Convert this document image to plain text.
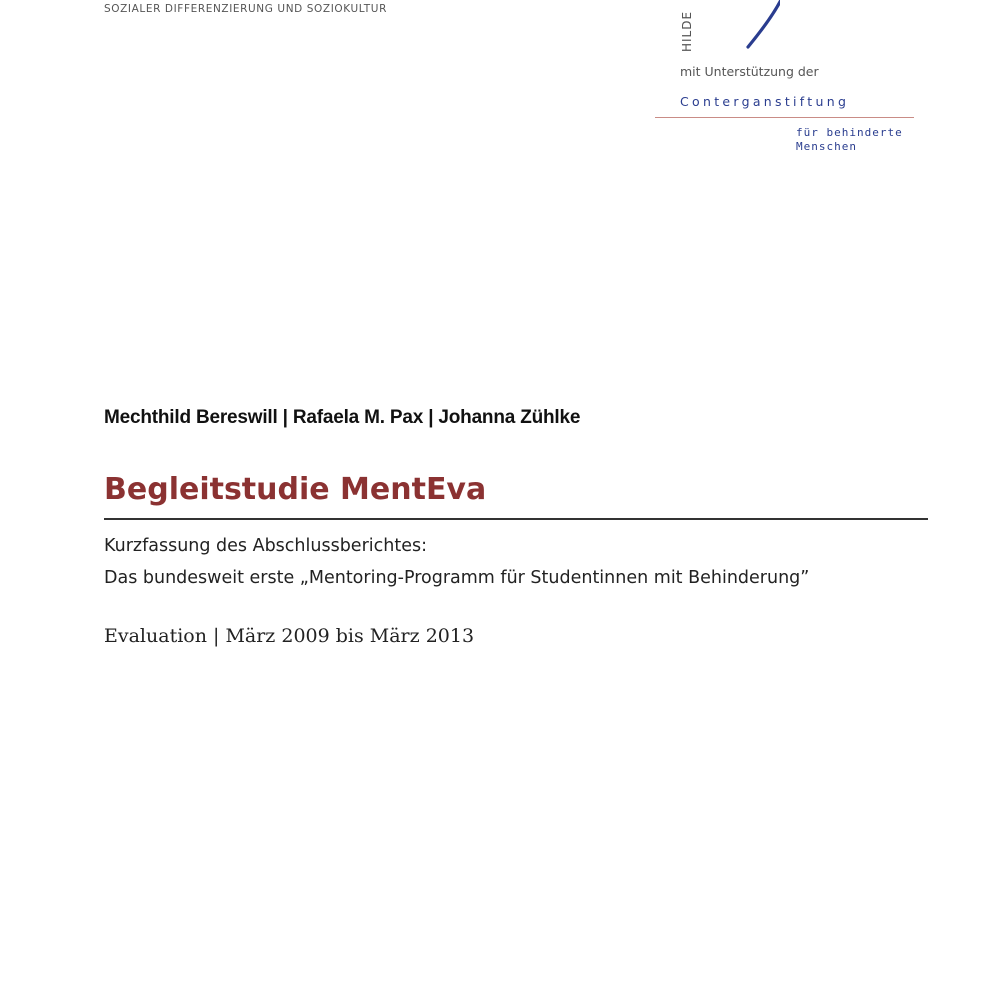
SOZIALER DIFFERENZIERUNG UND SOZIOKULTUR
HILDE
mit Unterstützung der
Conterganstiftung
für behinderte
Menschen
Mechthild Bereswill | Rafaela M. Pax | Johanna Zühlke
Begleitstudie MentEva
Kurzfassung des Abschlussberichtes:
Das bundesweit erste „Mentoring-Programm für Studentinnen mit Behinderung”
Evaluation | März 2009 bis März 2013
